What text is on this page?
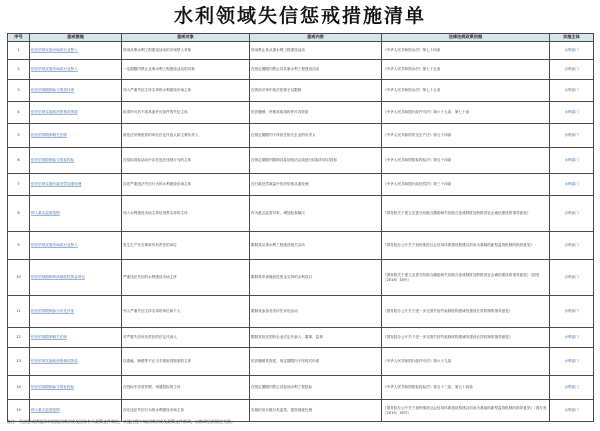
水利领域失信惩戒措施清单
序号	惩戒措施	惩戒对象	惩戒内容	法律法规政策依据	实施主体
1	依法依规实施市场或行业禁入	终身从事水利工程建设活动的市场禁入对象	终身禁止其从事水利工程建设活动	《中华人民共和国水法》第七十四条	水利部门
2	依法依规实施市场或行业禁入	一定期限内禁止从事水利工程建设活动的对象	在规定期限内禁止其从事水利工程建设活动	《中华人民共和国水法》第七十五条	水利部门
3	依法依规限制参与资质评审	列入严重失信主体名单的水利建设市场主体	在资质评审中依法依规予以限制	《中华人民共和国水法》第七十五条	水利部门
4	依法依规实施取消资格或资质	取得许可后不再具备许可条件的失信主体	依法撤销、吊销其取得的许可或资质	《中华人民共和国行政许可法》第六十九条、第七十条	水利部门
5	依法依规限制相关任职	被依法吊销资质的单位法定代表人和主要负责人	在规定期限内不得担任相关企业的负责人	《中华人民共和国安全生产法》第九十四条	水利部门
6	依法依规限制参与招标投标	在招标投标活动中存在违法违规行为的主体	在规定期限内限制其参加依法必须进行招标的项目投标	《中华人民共和国招标投标法》第五十四条	水利部门
7	依法依规实施行政处罚加重处理	存在严重违法失信行为的水利建设市场主体	在行政处罚裁量中依法依规从重处理	《中华人民共和国行政处罚法》第三十四条	水利部门
8	纳入重点监管范围	列入水利建设市场主体信用黑名单的主体	作为重点监管对象，增加检查频次	《国务院关于建立完善守信联合激励和失信联合惩戒制度加快推进社会诚信建设的指导意见》	水利部门
9	依法依规实施市场或行业禁入	发生生产安全事故负有责任的单位	限制其从事水利工程建设相关活动	《国务院办公厅关于加快推进社会信用体系建设构建以信用为基础的新型监管机制的指导意见》	水利部门
10	依法依规限制申请财政性资金项目	严重违法失信的水利建设市场主体	限制其申请财政性资金支持的水利项目	《国务院关于建立完善守信联合激励和失信联合惩戒制度加快推进社会诚信建设的指导意见》（国发〔2016〕33号）	水利部门
11	依法依规限制参与评先评优	列入严重失信主体名单的单位和个人	限制其参加各类评先评优活动	《国务院办公厅关于进一步完善失信约束制度构建诚信建设长效机制的指导意见》	水利部门
12	依法依规限制相关任职	对严重失信负有责任的法定代表人	限制其担任国有企业法定代表人、董事、监事	《国务院办公厅关于进一步完善失信约束制度构建诚信建设长效机制的指导意见》	水利部门
13	依法依规实施取消资格或资质	以欺骗、贿赂等不正当手段取得资质的主体	依法撤销其资质，规定期限内不得再次申请	《中华人民共和国行政许可法》第六十九条	水利部门
14	依法依规限制参与招标投标	在投标中弄虚作假、串通投标的主体	在规定期限内禁止其参加水利工程投标	《中华人民共和国招标投标法》第五十三条、第五十四条	水利部门
15	纳入重点监管范围	存在违法失信行为的水利建设市场主体	实施信用分级分类监管，提高抽查比例	《国务院办公厅关于加快推进社会信用体系建设构建以信用为基础的新型监管机制的指导意见》（国办发〔2019〕35号）	水利部门
备注：失信惩戒措施清单依据法律法规及国家有关政策文件制定，实施过程中如法律法规及政策文件修改，以修改后的规定为准。
